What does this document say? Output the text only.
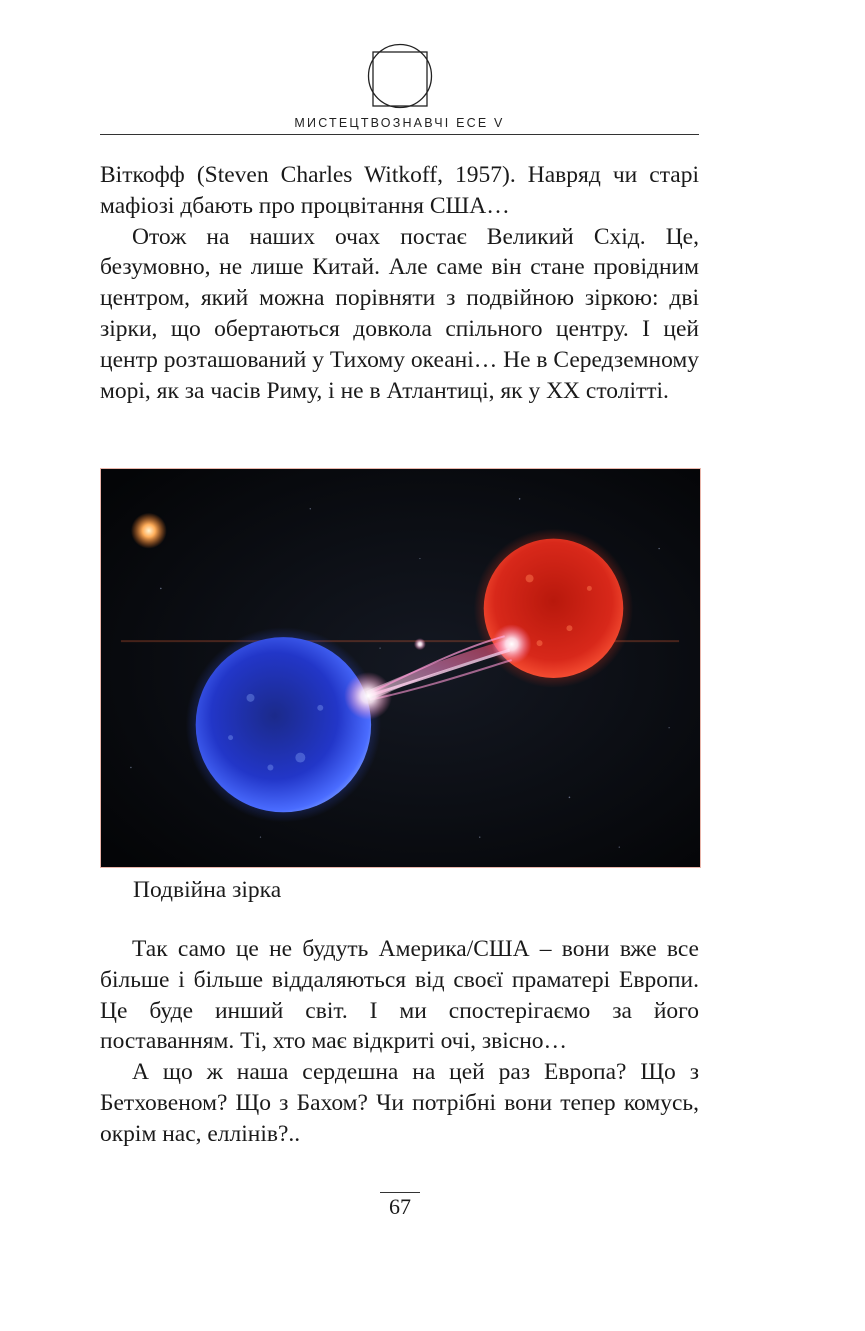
МИСТЕЦТВОЗНАВЧІ ЕСЕ V

Віткофф (Steven Charles Witkoff, 1957). Навряд чи старі мафіозі дбають про процвітання США…

Отож на наших очах постає Великий Схід. Це, безумовно, не лише Китай. Але саме він стане провідним центром, який можна порівняти з подвійною зіркою: дві зірки, що обертаються довкола спільного центру. І цей центр розташований у Тихому океані… Не в Середземному морі, як за часів Риму, і не в Атлантиці, як у ХХ столітті.

Подвійна зірка

Так само це не будуть Америка/США – вони вже все більше і більше віддаляються від своєї праматері Европи. Це буде инший світ. І ми спостерігаємо за його поставанням. Ті, хто має відкриті очі, звісно…

А що ж наша сердешна на цей раз Европа? Що з Бетховеном? Що з Бахом? Чи потрібні вони тепер комусь, окрім нас, еллінів?..

67
